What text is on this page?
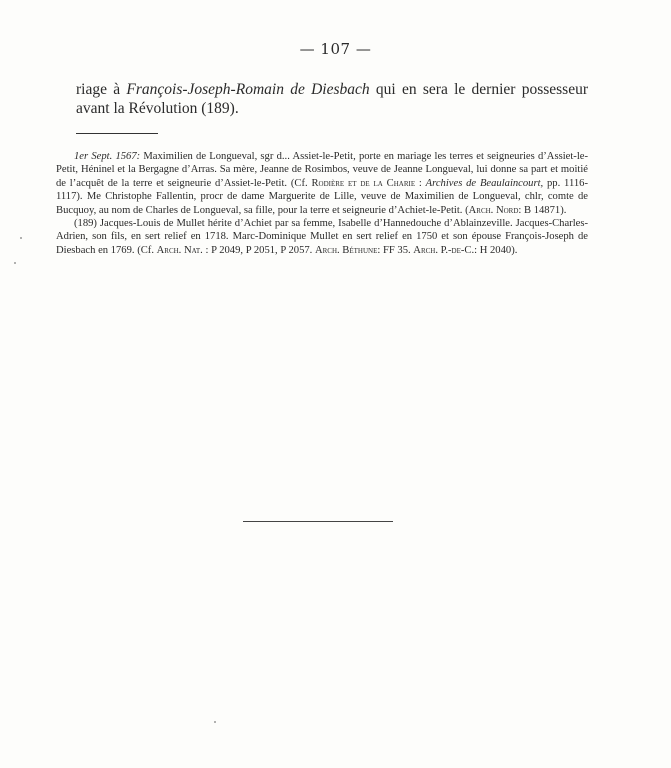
— 107 —
riage à François-Joseph-Romain de Diesbach qui en sera le dernier possesseur avant la Révolution (189).

1er Sept. 1567: Maximilien de Longueval, sgr d... Assiet-le-Petit, porte en mariage les terres et seigneuries d’Assiet-le-Petit, Héninel et la Bergagne d’Arras. Sa mère, Jeanne de Rosimbos, veuve de Jeanne Longueval, lui donne sa part et moitié de l’acquêt de la terre et seigneurie d’Assiet-le-Petit. (Cf. Rodière et de la Charie : Archives de Beaulaincourt, pp. 1116-1117). Me Christophe Fallentin, procr de dame Marguerite de Lille, veuve de Maximilien de Longueval, chlr, comte de Bucquoy, au nom de Charles de Longueval, sa fille, pour la terre et seigneurie d’Achiet-le-Petit. (Arch. Nord: B 14871).

(189) Jacques-Louis de Mullet hérite d’Achiet par sa femme, Isabelle d’Hannedouche d’Ablainzeville. Jacques-Charles-Adrien, son fils, en sert relief en 1718. Marc-Dominique Mullet en sert relief en 1750 et son épouse François-Joseph de Diesbach en 1769. (Cf. Arch. Nat. : P 2049, P 2051, P 2057. Arch. Béthune: FF 35. Arch. P.-de-C.: H 2040).
